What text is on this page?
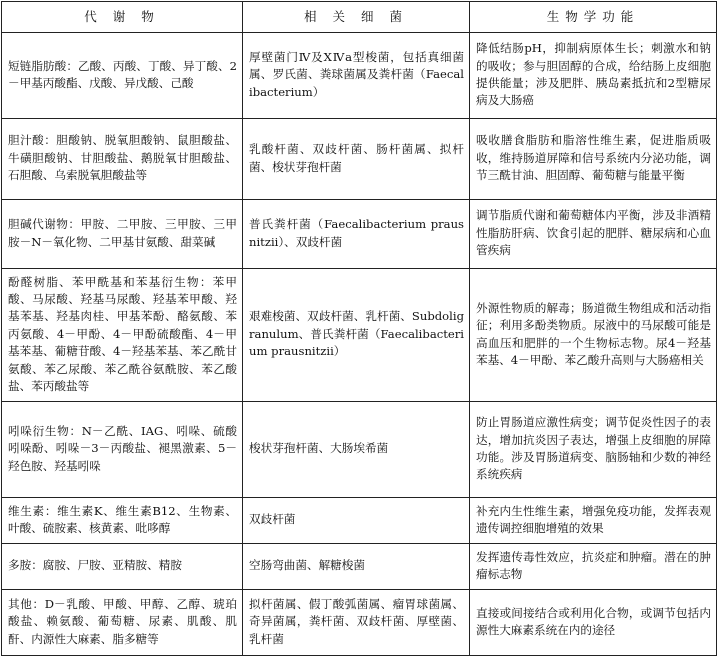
代 谢 物	相 关 细 菌	生物学功能
短链脂肪酸：乙酸、丙酸、丁酸、异丁酸、2－甲基丙酸酯、戊酸、异戊酸、己酸	厚壁菌门Ⅳ及ⅩⅣa型梭菌，包括真细菌属、罗氏菌、粪球菌属及粪杆菌（Faecalibacterium）	降低结肠pH，抑制病原体生长；刺激水和钠的吸收；参与胆固醇的合成，给结肠上皮细胞提供能量；涉及肥胖、胰岛素抵抗和2型糖尿病及大肠癌
胆汁酸：胆酸钠、脱氧胆酸钠、鼠胆酸盐、牛磺胆酸钠、甘胆酸盐、鹅脱氧甘胆酸盐、石胆酸、乌索脱氧胆酸盐等	乳酸杆菌、双歧杆菌、肠杆菌属、拟杆菌、梭状芽孢杆菌	吸收膳食脂肪和脂溶性维生素，促进脂质吸收，维持肠道屏障和信号系统内分泌功能，调节三酰甘油、胆固醇、葡萄糖与能量平衡
胆碱代谢物：甲胺、二甲胺、三甲胺、三甲胺－N－氧化物、二甲基甘氨酸、甜菜碱	普氏粪杆菌（Faecalibacterium prausnitzii）、双歧杆菌	调节脂质代谢和葡萄糖体内平衡，涉及非酒精性脂肪肝病、饮食引起的肥胖、糖尿病和心血管疾病
酚醛树脂、苯甲酰基和苯基衍生物：苯甲酸、马尿酸、羟基马尿酸、羟基苯甲酸、羟基苯基、羟基肉桂、甲基苯酚、酪氨酸、苯丙氨酸、4－甲酚、4－甲酚硫酸酯、4－甲基苯基、葡糖苷酸、4－羟基苯基、苯乙酰甘氨酸、苯乙尿酸、苯乙酰谷氨酰胺、苯乙酸盐、苯丙酸盐等	艰难梭菌、双歧杆菌、乳杆菌、Subdoligranulum、普氏粪杆菌（Faecalibacterium prausnitzii）	外源性物质的解毒；肠道微生物组成和活动指征；利用多酚类物质。尿液中的马尿酸可能是高血压和肥胖的一个生物标志物。尿4－羟基苯基、4－甲酚、苯乙酸升高则与大肠癌相关
吲哚衍生物：N－乙酰、IAG、吲哚、硫酸吲哚酚、吲哚－3－丙酸盐、褪黑激素、5－羟色胺、羟基吲哚	梭状芽孢杆菌、大肠埃希菌	防止胃肠道应激性病变；调节促炎性因子的表达，增加抗炎因子表达，增强上皮细胞的屏障功能。涉及胃肠道病变、脑肠轴和少数的神经系统疾病
维生素：维生素K、维生素B12、生物素、叶酸、硫胺素、核黄素、吡哆醇	双歧杆菌	补充内生性维生素，增强免疫功能，发挥表观遗传调控细胞增殖的效果
多胺：腐胺、尸胺、亚精胺、精胺	空肠弯曲菌、解糖梭菌	发挥遗传毒性效应，抗炎症和肿瘤。潜在的肿瘤标志物
其他：D－乳酸、甲酸、甲醇、乙醇、琥珀酸盐、赖氨酸、葡萄糖、尿素、肌酸、肌酐、内源性大麻素、脂多糖等	拟杆菌属、假丁酸弧菌属、瘤胃球菌属、奇异菌属，粪杆菌、双歧杆菌、厚壁菌、乳杆菌	直接或间接结合或利用化合物，或调节包括内源性大麻素系统在内的途径
